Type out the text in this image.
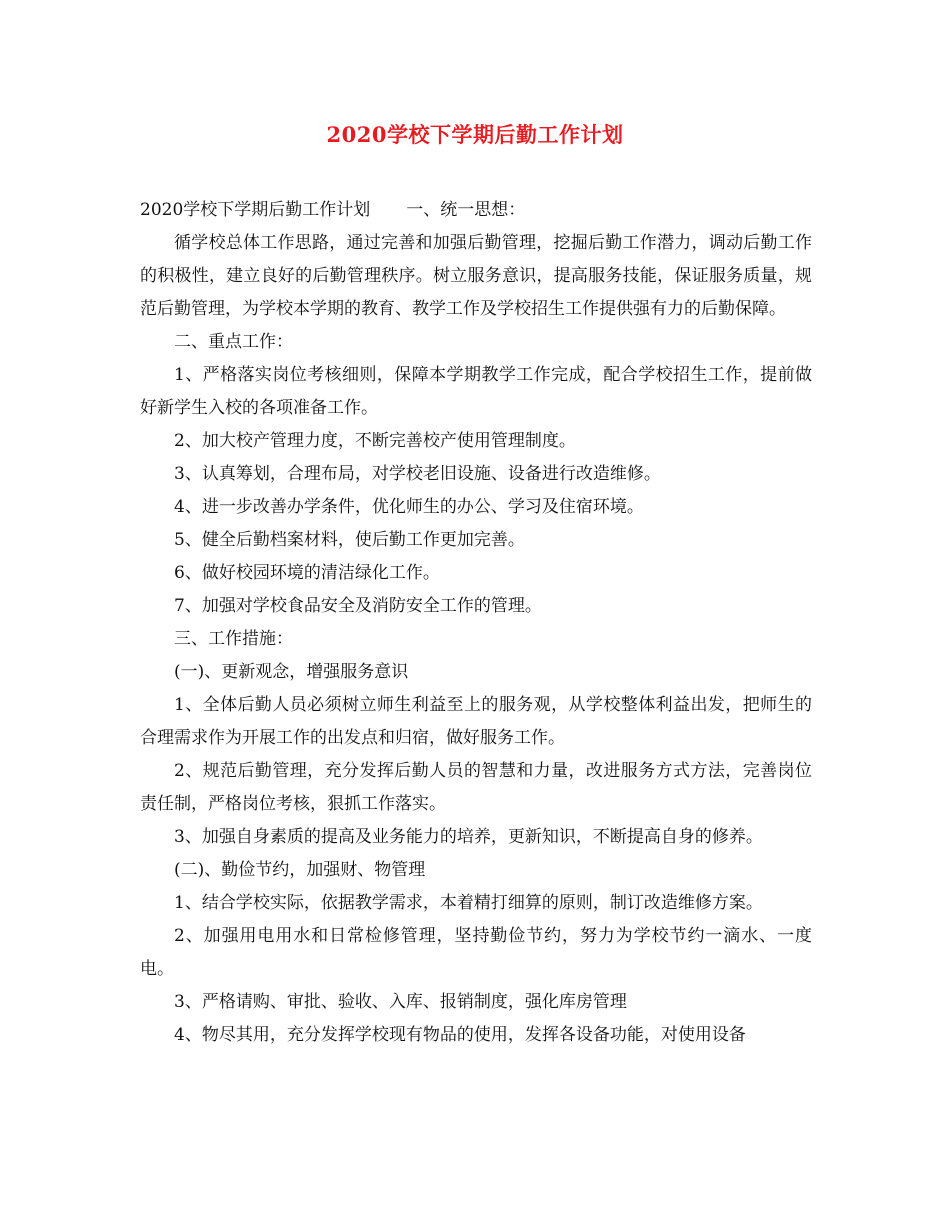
2020学校下学期后勤工作计划

2020学校下学期后勤工作计划 一、统一思想：

循学校总体工作思路，通过完善和加强后勤管理，挖掘后勤工作潜力，调动后勤工作的积极性，建立良好的后勤管理秩序。树立服务意识，提高服务技能，保证服务质量，规范后勤管理，为学校本学期的教育、教学工作及学校招生工作提供强有力的后勤保障。

二、重点工作：

1、严格落实岗位考核细则，保障本学期教学工作完成，配合学校招生工作，提前做好新学生入校的各项准备工作。

2、加大校产管理力度，不断完善校产使用管理制度。

3、认真筹划，合理布局，对学校老旧设施、设备进行改造维修。

4、进一步改善办学条件，优化师生的办公、学习及住宿环境。

5、健全后勤档案材料，使后勤工作更加完善。

6、做好校园环境的清洁绿化工作。

7、加强对学校食品安全及消防安全工作的管理。

三、工作措施：

(一)、更新观念，增强服务意识

1、全体后勤人员必须树立师生利益至上的服务观，从学校整体利益出发，把师生的合理需求作为开展工作的出发点和归宿，做好服务工作。

2、规范后勤管理，充分发挥后勤人员的智慧和力量，改进服务方式方法，完善岗位责任制，严格岗位考核，狠抓工作落实。

3、加强自身素质的提高及业务能力的培养，更新知识，不断提高自身的修养。

(二)、勤俭节约，加强财、物管理

1、结合学校实际，依据教学需求，本着精打细算的原则，制订改造维修方案。

2、加强用电用水和日常检修管理，坚持勤俭节约，努力为学校节约一滴水、一度电。

3、严格请购、审批、验收、入库、报销制度，强化库房管理

4、物尽其用，充分发挥学校现有物品的使用，发挥各设备功能，对使用设备
